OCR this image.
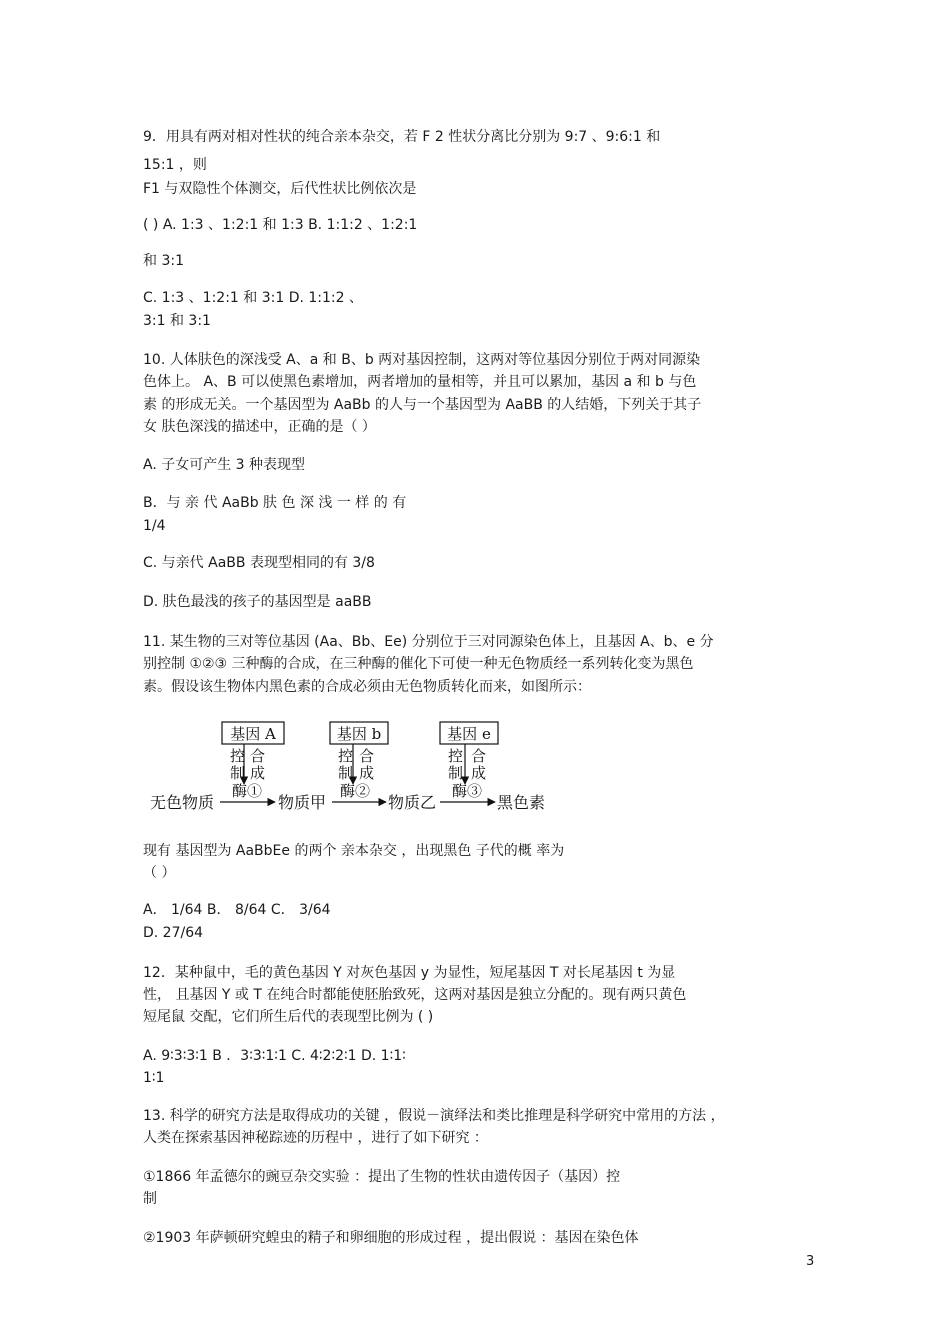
9．用具有两对相对性状的纯合亲本杂交，若 F 2 性状分离比分别为 9:7 、9:6:1 和
15:1 ，则
F1 与双隐性个体测交，后代性状比例依次是
( ) A. 1:3 、1:2:1 和 1:3 B. 1:1:2 、1:2:1
和 3:1
C. 1:3 、1:2:1 和 3:1 D. 1:1:2 、
3:1 和 3:1
10. 人体肤色的深浅受 A、a 和 B、b 两对基因控制，这两对等位基因分别位于两对同源染
色体上。 A、B 可以使黑色素增加，两者增加的量相等，并且可以累加，基因 a 和 b 与色
素 的形成无关。一个基因型为 AaBb 的人与一个基因型为 AaBB 的人结婚，下列关于其子
女 肤色深浅的描述中，正确的是（ ）
A. 子女可产生 3 种表现型
B．与 亲 代 AaBb 肤 色 深 浅 一 样 的 有
1/4
C. 与亲代 AaBB 表现型相同的有 3/8
D. 肤色最浅的孩子的基因型是 aaBB
11. 某生物的三对等位基因 (Aa、Bb、Ee) 分别位于三对同源染色体上，且基因 A、b、e 分
别控制 ①②③ 三种酶的合成，在三种酶的催化下可使一种无色物质经一系列转化变为黑色
素。假设该生物体内黑色素的合成必须由无色物质转化而来，如图所示：
现有 基因型为 AaBbEe 的两个 亲本杂交 ，出现黑色 子代的概 率为
（ ）
A． 1/64 B． 8/64 C． 3/64
D. 27/64
12．某种鼠中，毛的黄色基因 Y 对灰色基因 y 为显性，短尾基因 T 对长尾基因 t 为显
性， 且基因 Y 或 T 在纯合时都能使胚胎致死，这两对基因是独立分配的。现有两只黄色
短尾鼠 交配，它们所生后代的表现型比例为 ( )
A. 9∶3∶3∶1 B ．3∶3∶1∶1 C. 4∶2∶2∶1 D. 1∶1∶
1∶1
13. 科学的研究方法是取得成功的关键 ，假说－演绎法和类比推理是科学研究中常用的方法 ，
人类在探索基因神秘踪迹的历程中 ，进行了如下研究 ：
①1866 年孟德尔的豌豆杂交实验 ：提出了生物的性状由遗传因子（基因）控
制
②1903 年萨顿研究蝗虫的精子和卵细胞的形成过程 ，提出假说 ：基因在染色体
基因 A
控
制
合
成
酶①
基因 b
控
制
合
成
酶②
基因 e
控
制
合
成
酶③
无色物质	物质甲	物质乙	黑色素
3
